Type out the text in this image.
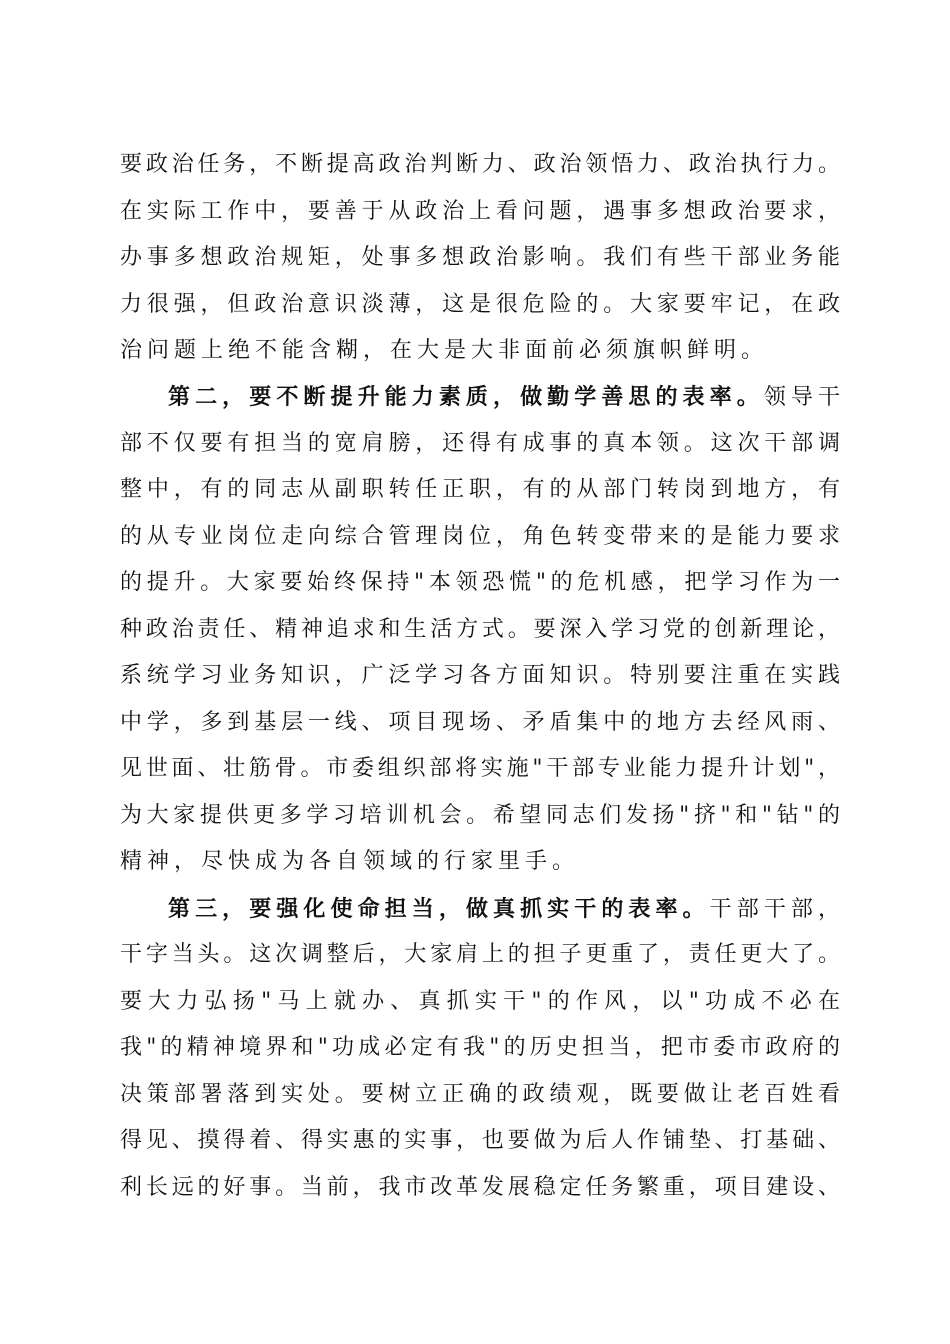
要政治任务，不断提高政治判断力、政治领悟力、政治执行力。
在实际工作中，要善于从政治上看问题，遇事多想政治要求，
办事多想政治规矩，处事多想政治影响。我们有些干部业务能
力很强，但政治意识淡薄，这是很危险的。大家要牢记，在政
治问题上绝不能含糊，在大是大非面前必须旗帜鲜明。
第二，要不断提升能力素质，做勤学善思的表率。领导干
部不仅要有担当的宽肩膀，还得有成事的真本领。这次干部调
整中，有的同志从副职转任正职，有的从部门转岗到地方，有
的从专业岗位走向综合管理岗位，角色转变带来的是能力要求
的提升。大家要始终保持"本领恐慌"的危机感，把学习作为一
种政治责任、精神追求和生活方式。要深入学习党的创新理论，
系统学习业务知识，广泛学习各方面知识。特别要注重在实践
中学，多到基层一线、项目现场、矛盾集中的地方去经风雨、
见世面、壮筋骨。市委组织部将实施"干部专业能力提升计划"，
为大家提供更多学习培训机会。希望同志们发扬"挤"和"钻"的
精神，尽快成为各自领域的行家里手。
第三，要强化使命担当，做真抓实干的表率。干部干部，
干字当头。这次调整后，大家肩上的担子更重了，责任更大了。
要大力弘扬"马上就办、真抓实干"的作风，以"功成不必在
我"的精神境界和"功成必定有我"的历史担当，把市委市政府的
决策部署落到实处。要树立正确的政绩观，既要做让老百姓看
得见、摸得着、得实惠的实事，也要做为后人作铺垫、打基础、
利长远的好事。当前，我市改革发展稳定任务繁重，项目建设、
